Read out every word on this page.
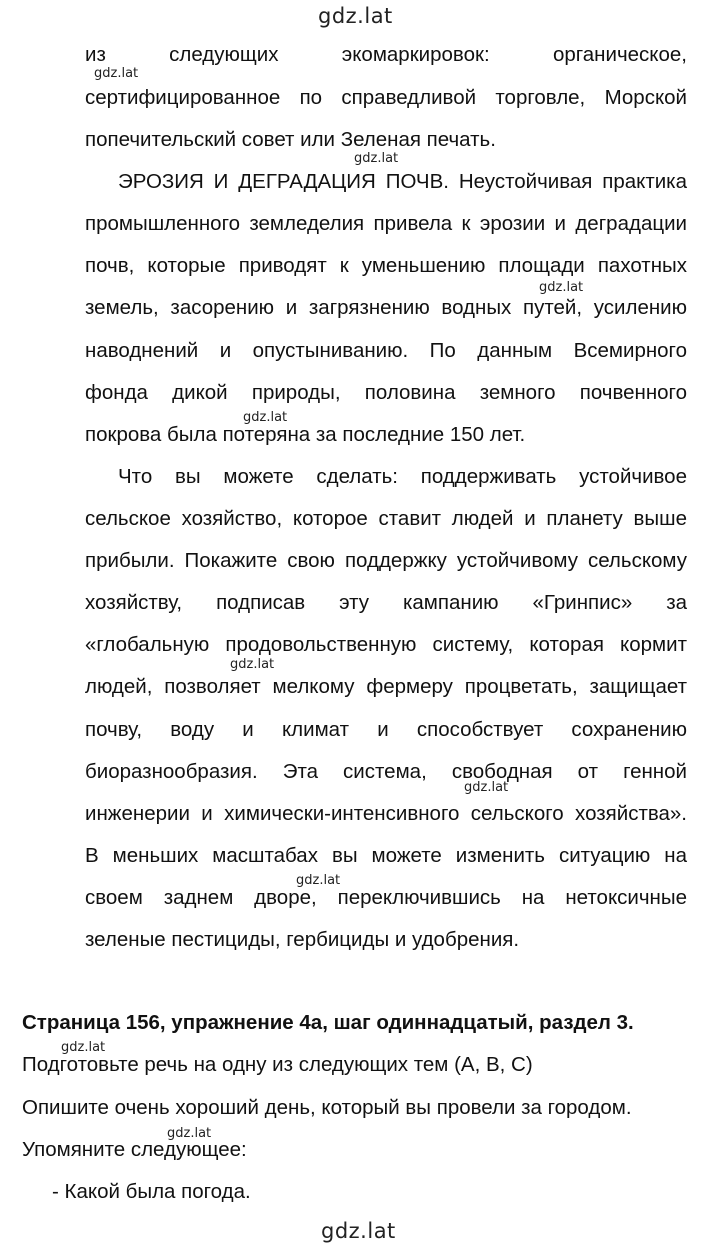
gdz.lat
gdz.lat
gdz.lat
gdz.lat
gdz.lat
gdz.lat
gdz.lat
gdz.lat
gdz.lat
gdz.lat
gdz.lat
из следующих экомаркировок: органическое,
сертифицированное по справедливой торговле, Морской
попечительский совет или Зеленая печать.
ЭРОЗИЯ И ДЕГРАДАЦИЯ ПОЧВ. Неустойчивая практика
промышленного земледелия привела к эрозии и деградации
почв, которые приводят к уменьшению площади пахотных
земель, засорению и загрязнению водных путей, усилению
наводнений и опустыниванию. По данным Всемирного
фонда дикой природы, половина земного почвенного
покрова была потеряна за последние 150 лет.
Что вы можете сделать: поддерживать устойчивое
сельское хозяйство, которое ставит людей и планету выше
прибыли. Покажите свою поддержку устойчивому сельскому
хозяйству, подписав эту кампанию «Гринпис» за
«глобальную продовольственную систему, которая кормит
людей, позволяет мелкому фермеру процветать, защищает
почву, воду и климат и способствует сохранению
биоразнообразия. Эта система, свободная от генной
инженерии и химически-интенсивного сельского хозяйства».
В меньших масштабах вы можете изменить ситуацию на
своем заднем дворе, переключившись на нетоксичные
зеленые пестициды, гербициды и удобрения.
Страница 156, упражнение 4а, шаг одиннадцатый, раздел 3.
Подготовьте речь на одну из следующих тем (A, B, C)
Опишите очень хороший день, который вы провели за городом.
Упомяните следующее:
- Какой была погода.
